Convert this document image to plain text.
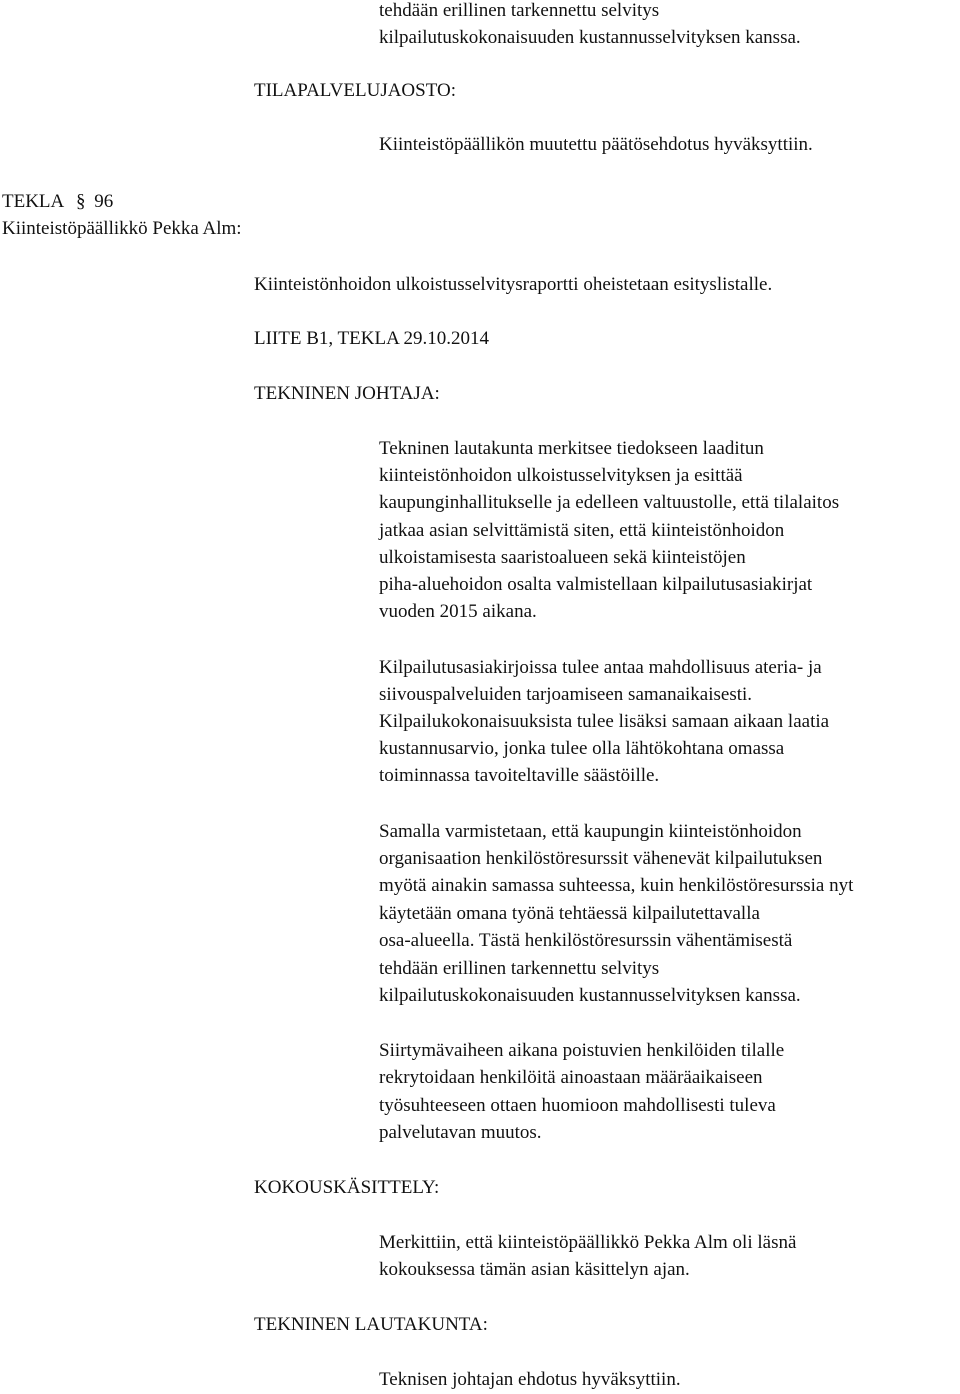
tehdään erillinen tarkennettu selvitys
kilpailutuskokonaisuuden kustannusselvityksen kanssa.
TILAPALVELUJAOSTO:
Kiinteistöpäällikön muutettu päätösehdotus hyväksyttiin.
TEKLA § 96
Kiinteistöpäällikkö Pekka Alm:
Kiinteistönhoidon ulkoistusselvitysraportti oheistetaan esityslistalle.
LIITE B1, TEKLA 29.10.2014
TEKNINEN JOHTAJA:
Tekninen lautakunta merkitsee tiedokseen laaditun
kiinteistönhoidon ulkoistusselvityksen ja esittää
kaupunginhallitukselle ja edelleen valtuustolle, että tilalaitos
jatkaa asian selvittämistä siten, että kiinteistönhoidon
ulkoistamisesta saaristoalueen sekä kiinteistöjen
piha-aluehoidon osalta valmistellaan kilpailutusasiakirjat
vuoden 2015 aikana.
Kilpailutusasiakirjoissa tulee antaa mahdollisuus ateria- ja
siivouspalveluiden tarjoamiseen samanaikaisesti.
Kilpailukokonaisuuksista tulee lisäksi samaan aikaan laatia
kustannusarvio, jonka tulee olla lähtökohtana omassa
toiminnassa tavoiteltaville säästöille.
Samalla varmistetaan, että kaupungin kiinteistönhoidon
organisaation henkilöstöresurssit vähenevät kilpailutuksen
myötä ainakin samassa suhteessa, kuin henkilöstöresurssia nyt
käytetään omana työnä tehtäessä kilpailutettavalla
osa-alueella. Tästä henkilöstöresurssin vähentämisestä
tehdään erillinen tarkennettu selvitys
kilpailutuskokonaisuuden kustannusselvityksen kanssa.
Siirtymävaiheen aikana poistuvien henkilöiden tilalle
rekrytoidaan henkilöitä ainoastaan määräaikaiseen
työsuhteeseen ottaen huomioon mahdollisesti tuleva
palvelutavan muutos.
KOKOUSKÄSITTELY:
Merkittiin, että kiinteistöpäällikkö Pekka Alm oli läsnä
kokouksessa tämän asian käsittelyn ajan.
TEKNINEN LAUTAKUNTA:
Teknisen johtajan ehdotus hyväksyttiin.
